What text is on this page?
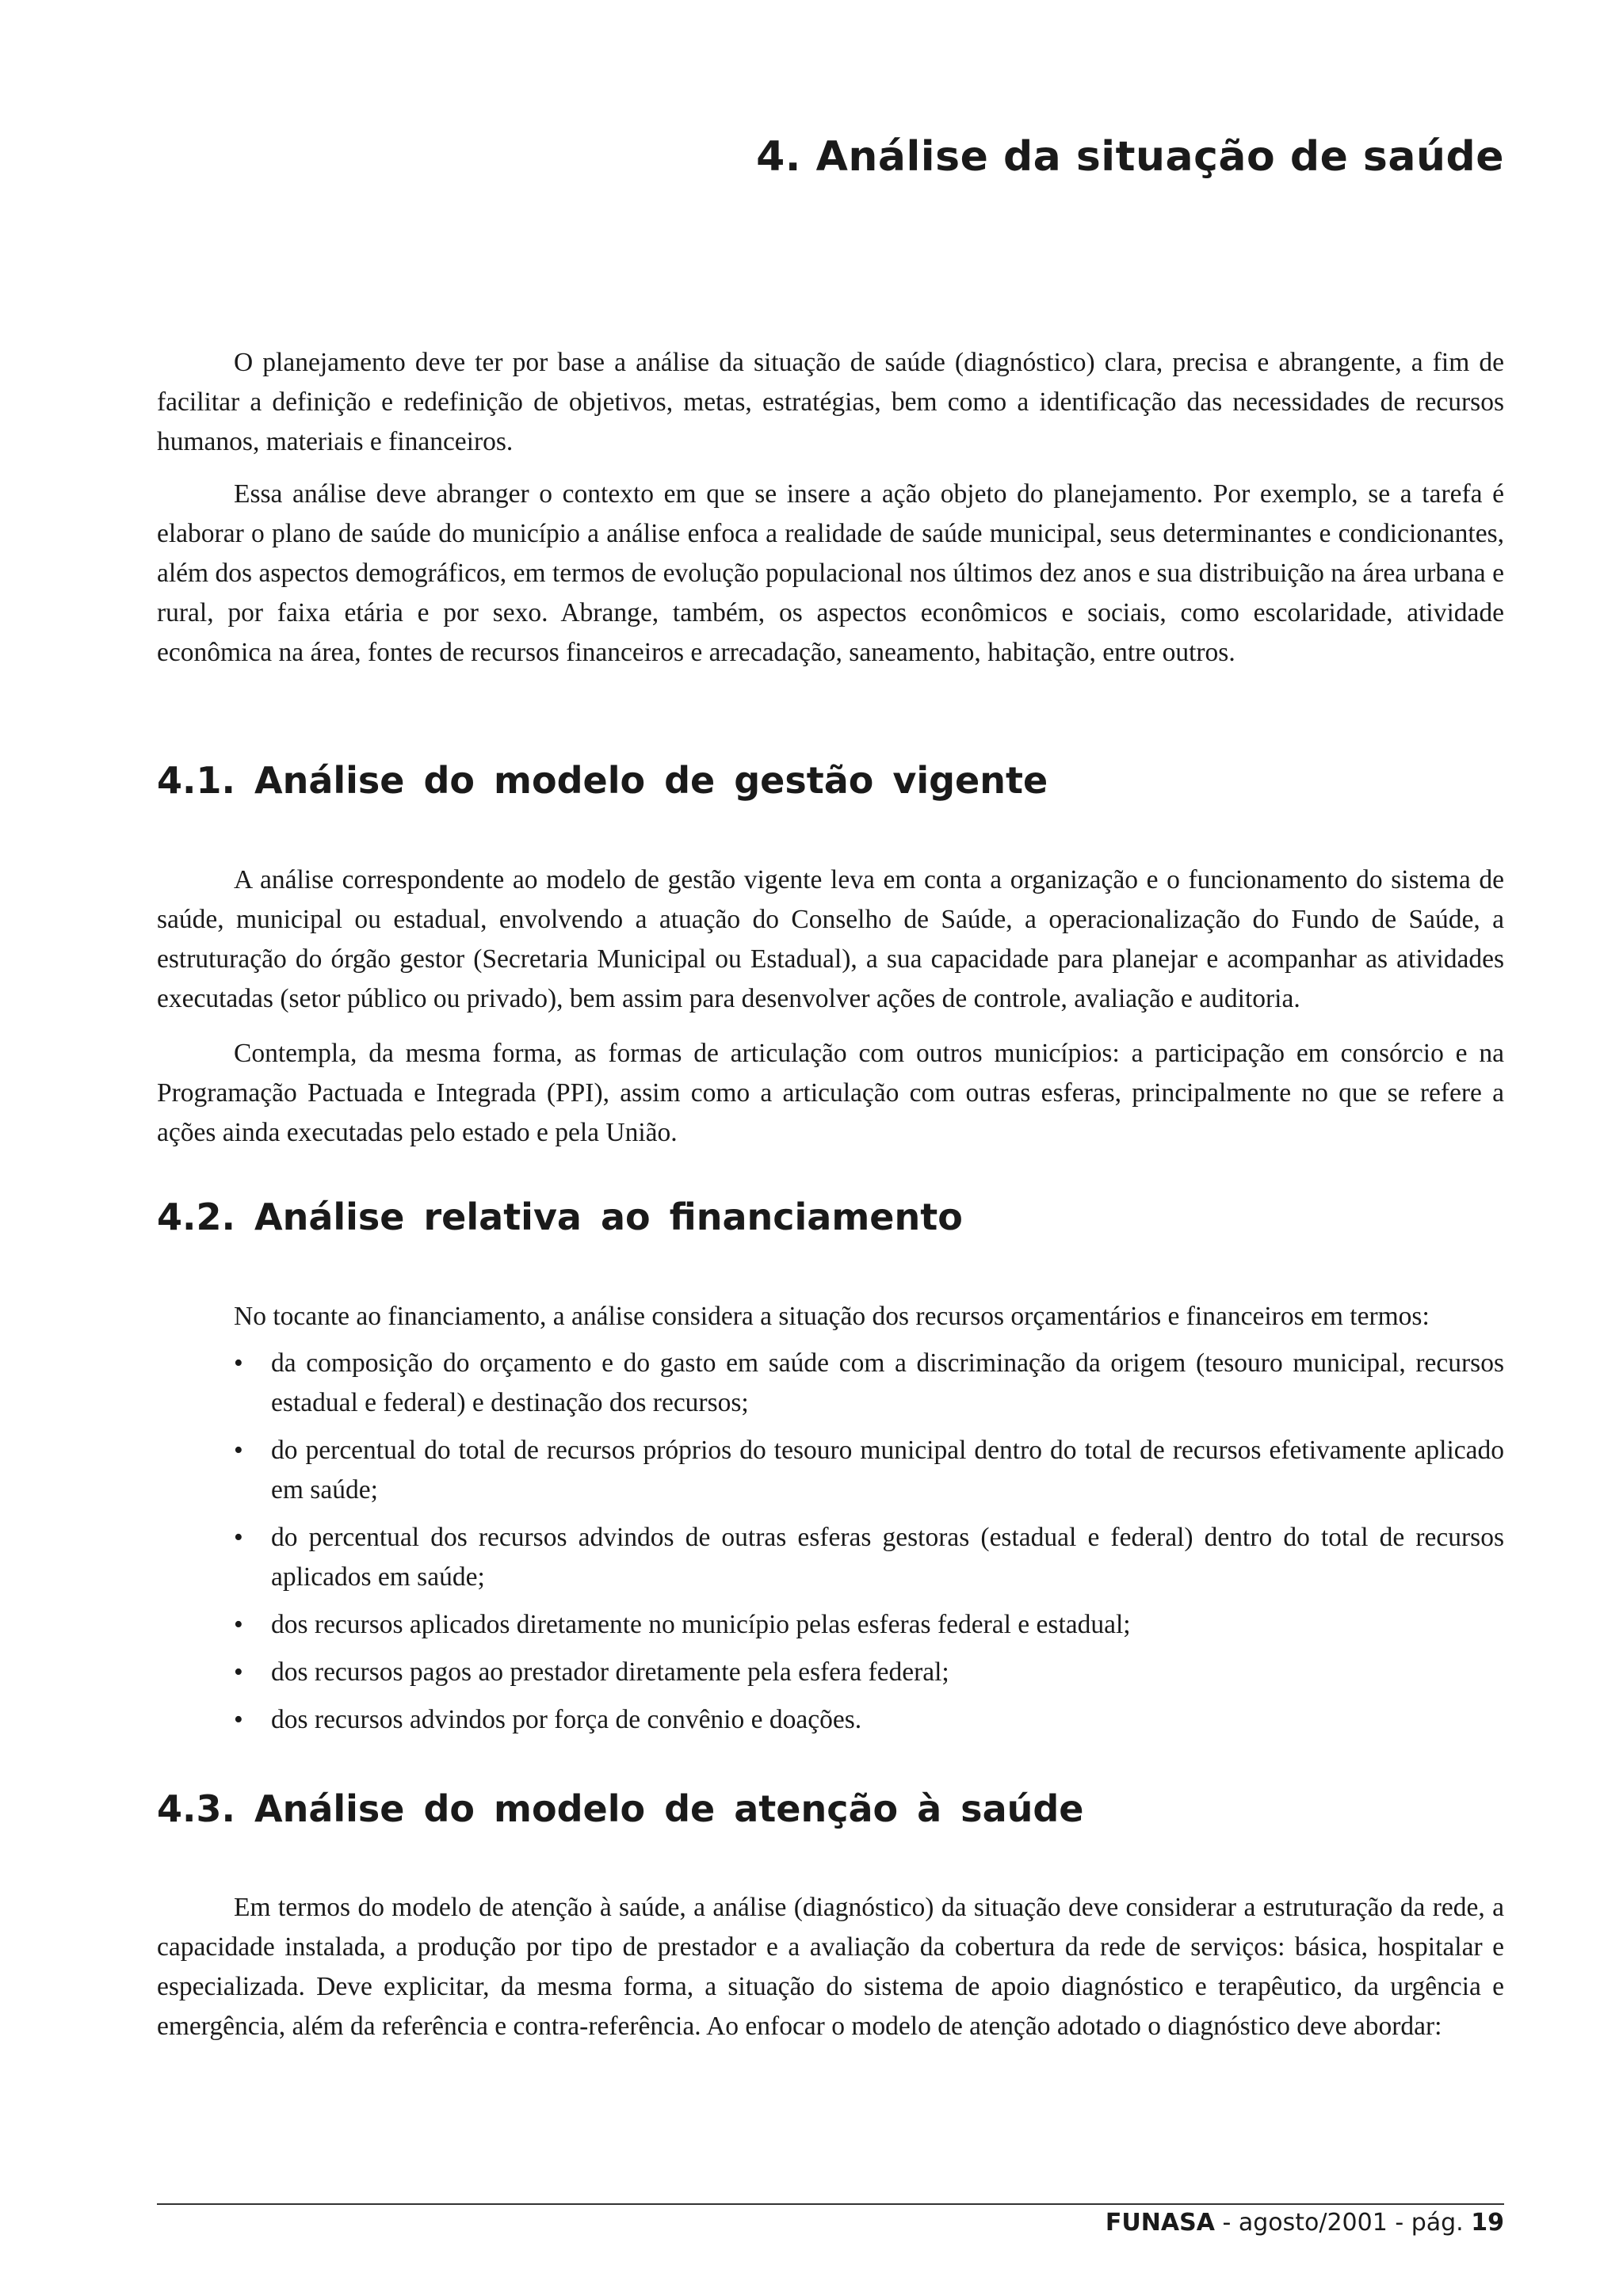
4. Análise da situação de saúde

O planejamento deve ter por base a análise da situação de saúde (diagnóstico) clara, precisa e abrangente, a fim de facilitar a definição e redefinição de objetivos, metas, estratégias, bem como a identificação das necessidades de recursos humanos, materiais e financeiros.

Essa análise deve abranger o contexto em que se insere a ação objeto do planejamento. Por exemplo, se a tarefa é elaborar o plano de saúde do município a análise enfoca a realidade de saúde municipal, seus determinantes e condicionantes, além dos aspectos demográficos, em termos de evolução populacional nos últimos dez anos e sua distribuição na área urbana e rural, por faixa etária e por sexo. Abrange, também, os aspectos econômicos e sociais, como escolaridade, atividade econômica na área, fontes de recursos financeiros e arrecadação, saneamento, habitação, entre outros.

4.1. Análise do modelo de gestão vigente

A análise correspondente ao modelo de gestão vigente leva em conta a organização e o funcionamento do sistema de saúde, municipal ou estadual, envolvendo a atuação do Conselho de Saúde, a operacionalização do Fundo de Saúde, a estruturação do órgão gestor (Secretaria Municipal ou Estadual), a sua capacidade para planejar e acompanhar as atividades executadas (setor público ou privado), bem assim para desenvolver ações de controle, avaliação e auditoria.

Contempla, da mesma forma, as formas de articulação com outros municípios: a participação em consórcio e na Programação Pactuada e Integrada (PPI), assim como a articulação com outras esferas, principalmente no que se refere a ações ainda executadas pelo estado e pela União.

4.2. Análise relativa ao financiamento

No tocante ao financiamento, a análise considera a situação dos recursos orçamentários e financeiros em termos:

• da composição do orçamento e do gasto em saúde com a discriminação da origem (tesouro municipal, recursos estadual e federal) e destinação dos recursos;
• do percentual do total de recursos próprios do tesouro municipal dentro do total de recursos efetivamente aplicado em saúde;
• do percentual dos recursos advindos de outras esferas gestoras (estadual e federal) dentro do total de recursos aplicados em saúde;
• dos recursos aplicados diretamente no município pelas esferas federal e estadual;
• dos recursos pagos ao prestador diretamente pela esfera federal;
• dos recursos advindos por força de convênio e doações.
4.3. Análise do modelo de atenção à saúde

Em termos do modelo de atenção à saúde, a análise (diagnóstico) da situação deve considerar a estruturação da rede, a capacidade instalada, a produção por tipo de prestador e a avaliação da cobertura da rede de serviços: básica, hospitalar e especializada. Deve explicitar, da mesma forma, a situação do sistema de apoio diagnóstico e terapêutico, da urgência e emergência, além da referência e contra-referência. Ao enfocar o modelo de atenção adotado o diagnóstico deve abordar:

FUNASA - agosto/2001 - pág. 19
